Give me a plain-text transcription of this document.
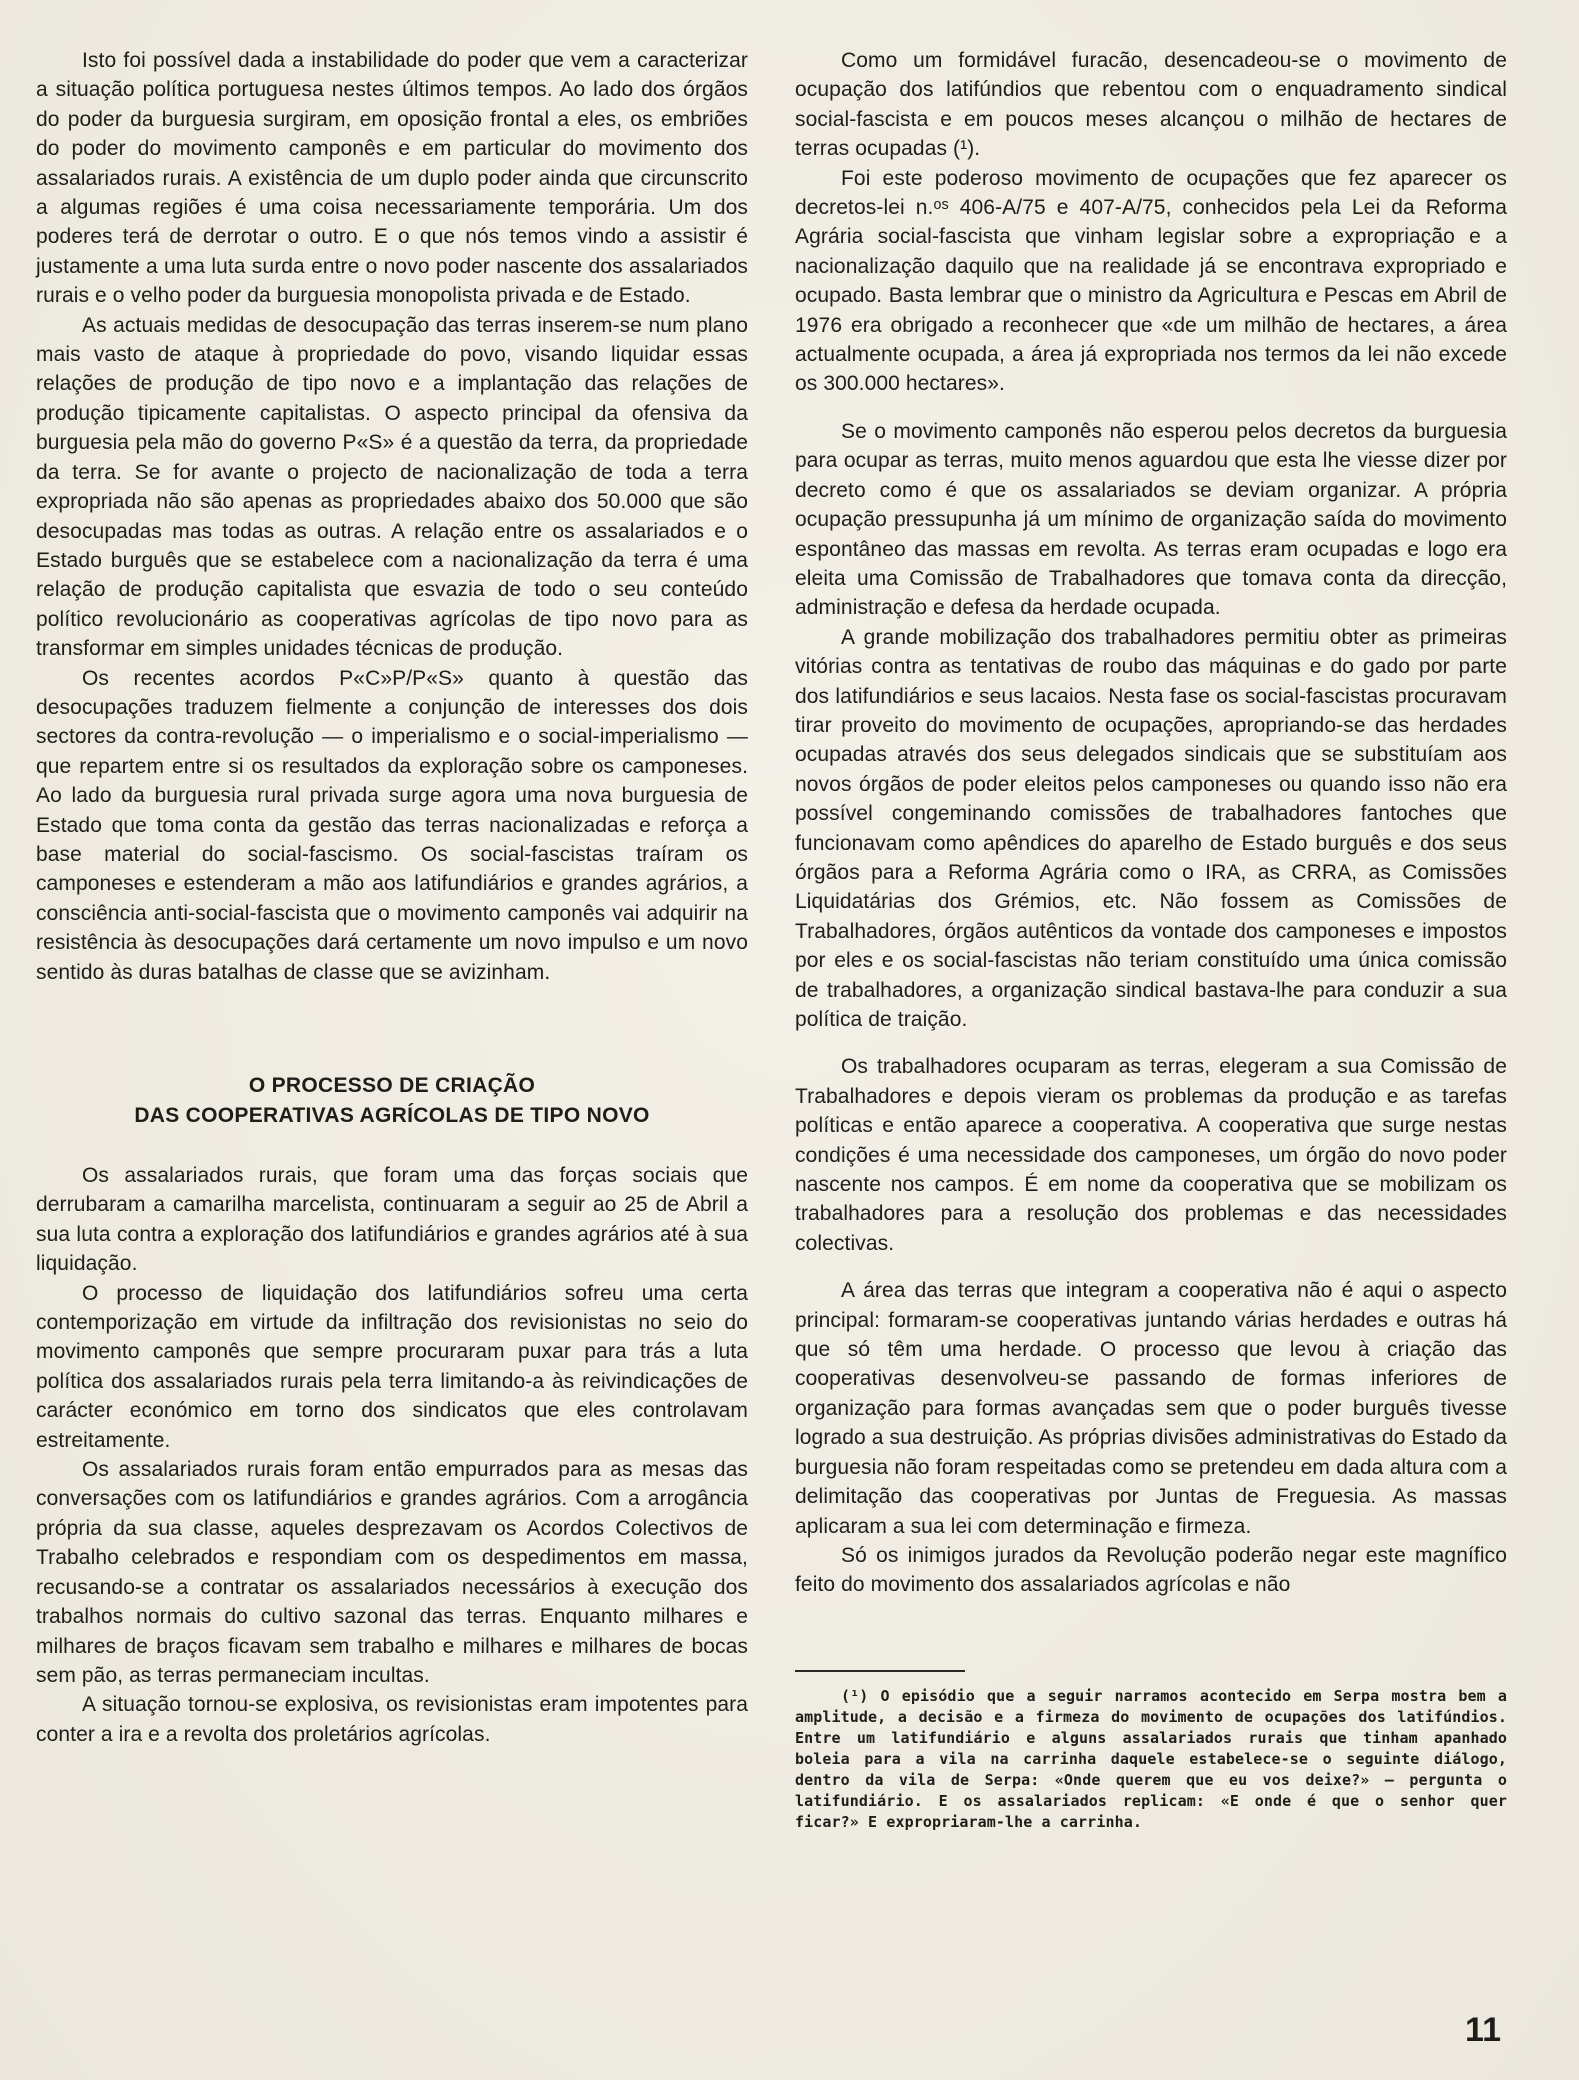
Isto foi possível dada a instabilidade do poder que vem a caracterizar a situação política portuguesa nestes últimos tempos. Ao lado dos órgãos do poder da burguesia surgiram, em oposição frontal a eles, os embriões do poder do movimento camponês e em particular do movimento dos assalariados rurais. A existência de um duplo poder ainda que circunscrito a algumas regiões é uma coisa necessariamente temporária. Um dos poderes terá de derrotar o outro. E o que nós temos vindo a assistir é justamente a uma luta surda entre o novo poder nascente dos assalariados rurais e o velho poder da burguesia monopolista privada e de Estado.

As actuais medidas de desocupação das terras inserem-se num plano mais vasto de ataque à propriedade do povo, visando liquidar essas relações de produção de tipo novo e a implantação das relações de produção tipicamente capitalistas. O aspecto principal da ofensiva da burguesia pela mão do governo P«S» é a questão da terra, da propriedade da terra. Se for avante o projecto de nacionalização de toda a terra expropriada não são apenas as propriedades abaixo dos 50.000 que são desocupadas mas todas as outras. A relação entre os assalariados e o Estado burguês que se estabelece com a nacionalização da terra é uma relação de produção capitalista que esvazia de todo o seu conteúdo político revolucionário as cooperativas agrícolas de tipo novo para as transformar em simples unidades técnicas de produção.

Os recentes acordos P«C»P/P«S» quanto à questão das desocupações traduzem fielmente a conjunção de interesses dos dois sectores da contra-revolução — o imperialismo e o social-imperialismo — que repartem entre si os resultados da exploração sobre os camponeses. Ao lado da burguesia rural privada surge agora uma nova burguesia de Estado que toma conta da gestão das terras nacionalizadas e reforça a base material do social-fascismo. Os social-fascistas traíram os camponeses e estenderam a mão aos latifundiários e grandes agrários, a consciência anti-social-fascista que o movimento camponês vai adquirir na resistência às desocupações dará certamente um novo impulso e um novo sentido às duras batalhas de classe que se avizinham.

O PROCESSO DE CRIAÇÃO
DAS COOPERATIVAS AGRÍCOLAS DE TIPO NOVO

Os assalariados rurais, que foram uma das forças sociais que derrubaram a camarilha marcelista, continuaram a seguir ao 25 de Abril a sua luta contra a exploração dos latifundiários e grandes agrários até à sua liquidação.

O processo de liquidação dos latifundiários sofreu uma certa contemporização em virtude da infiltração dos revisionistas no seio do movimento camponês que sempre procuraram puxar para trás a luta política dos assalariados rurais pela terra limitando-a às reivindicações de carácter económico em torno dos sindicatos que eles controlavam estreitamente.

Os assalariados rurais foram então empurrados para as mesas das conversações com os latifundiários e grandes agrários. Com a arrogância própria da sua classe, aqueles desprezavam os Acordos Colectivos de Trabalho celebrados e respondiam com os despedimentos em massa, recusando-se a contratar os assalariados necessários à execução dos trabalhos normais do cultivo sazonal das terras. Enquanto milhares e milhares de braços ficavam sem trabalho e milhares e milhares de bocas sem pão, as terras permaneciam incultas.

A situação tornou-se explosiva, os revisionistas eram impotentes para conter a ira e a revolta dos proletários agrícolas.

Como um formidável furacão, desencadeou-se o movimento de ocupação dos latifúndios que rebentou com o enquadramento sindical social-fascista e em poucos meses alcançou o milhão de hectares de terras ocupadas (¹).

Foi este poderoso movimento de ocupações que fez aparecer os decretos-lei n.ᵒˢ 406-A/75 e 407-A/75, conhecidos pela Lei da Reforma Agrária social-fascista que vinham legislar sobre a expropriação e a nacionalização daquilo que na realidade já se encontrava expropriado e ocupado. Basta lembrar que o ministro da Agricultura e Pescas em Abril de 1976 era obrigado a reconhecer que «de um milhão de hectares, a área actualmente ocupada, a área já expropriada nos termos da lei não excede os 300.000 hectares».

Se o movimento camponês não esperou pelos decretos da burguesia para ocupar as terras, muito menos aguardou que esta lhe viesse dizer por decreto como é que os assalariados se deviam organizar. A própria ocupação pressupunha já um mínimo de organização saída do movimento espontâneo das massas em revolta. As terras eram ocupadas e logo era eleita uma Comissão de Trabalhadores que tomava conta da direcção, administração e defesa da herdade ocupada.

A grande mobilização dos trabalhadores permitiu obter as primeiras vitórias contra as tentativas de roubo das máquinas e do gado por parte dos latifundiários e seus lacaios. Nesta fase os social-fascistas procuravam tirar proveito do movimento de ocupações, apropriando-se das herdades ocupadas através dos seus delegados sindicais que se substituíam aos novos órgãos de poder eleitos pelos camponeses ou quando isso não era possível congeminando comissões de trabalhadores fantoches que funcionavam como apêndices do aparelho de Estado burguês e dos seus órgãos para a Reforma Agrária como o IRA, as CRRA, as Comissões Liquidatárias dos Grémios, etc. Não fossem as Comissões de Trabalhadores, órgãos autênticos da vontade dos camponeses e impostos por eles e os social-fascistas não teriam constituído uma única comissão de trabalhadores, a organização sindical bastava-lhe para conduzir a sua política de traição.

Os trabalhadores ocuparam as terras, elegeram a sua Comissão de Trabalhadores e depois vieram os problemas da produção e as tarefas políticas e então aparece a cooperativa. A cooperativa que surge nestas condições é uma necessidade dos camponeses, um órgão do novo poder nascente nos campos. É em nome da cooperativa que se mobilizam os trabalhadores para a resolução dos problemas e das necessidades colectivas.

A área das terras que integram a cooperativa não é aqui o aspecto principal: formaram-se cooperativas juntando várias herdades e outras há que só têm uma herdade. O processo que levou à criação das cooperativas desenvolveu-se passando de formas inferiores de organização para formas avançadas sem que o poder burguês tivesse logrado a sua destruição. As próprias divisões administrativas do Estado da burguesia não foram respeitadas como se pretendeu em dada altura com a delimitação das cooperativas por Juntas de Freguesia. As massas aplicaram a sua lei com determinação e firmeza.

Só os inimigos jurados da Revolução poderão negar este magnífico feito do movimento dos assalariados agrícolas e não

(¹) O episódio que a seguir narramos acontecido em Serpa mostra bem a amplitude, a decisão e a firmeza do movimento de ocupações dos latifúndios. Entre um latifundiário e alguns assalariados rurais que tinham apanhado boleia para a vila na carrinha daquele estabelece-se o seguinte diálogo, dentro da vila de Serpa: «Onde querem que eu vos deixe?» — pergunta o latifundiário. E os assalariados replicam: «E onde é que o senhor quer ficar?» E expropriaram-lhe a carrinha.
11
